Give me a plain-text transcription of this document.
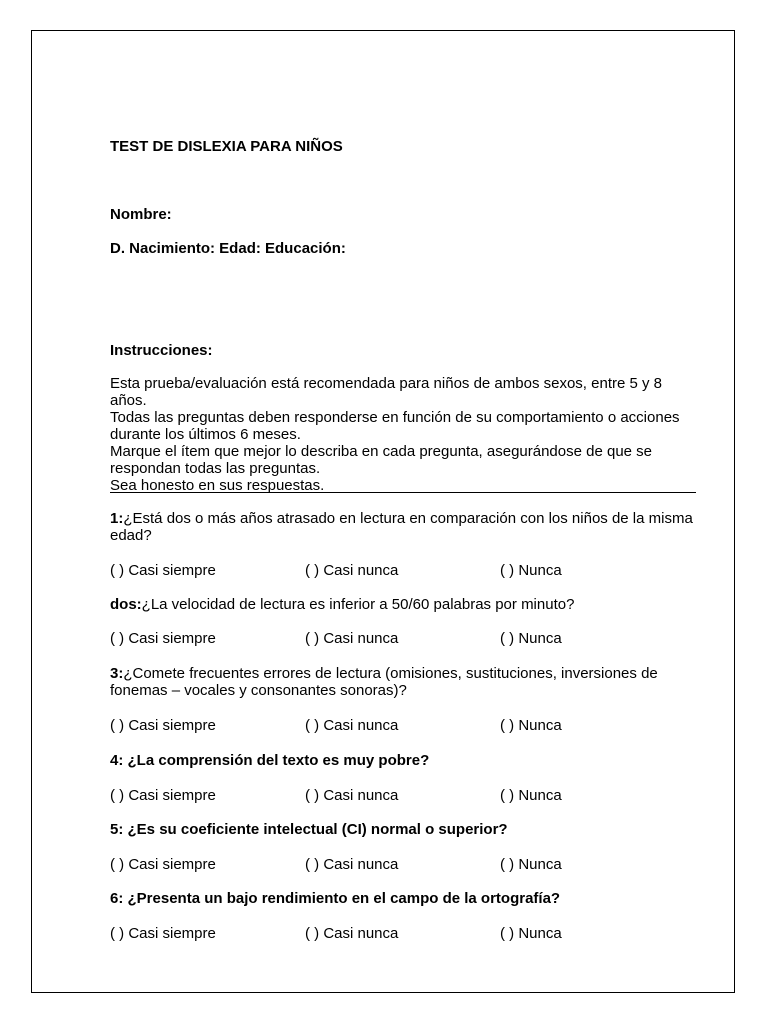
TEST DE DISLEXIA PARA NIÑOS
Nombre:
D. Nacimiento: Edad: Educación:
Instrucciones:

Esta prueba/evaluación está recomendada para niños de ambos sexos, entre 5 y 8 años.

Todas las preguntas deben responderse en función de su comportamiento o acciones durante los últimos 6 meses.

Marque el ítem que mejor lo describa en cada pregunta, asegurándose de que se respondan todas las preguntas.

Sea honesto en sus respuestas.

1:¿Está dos o más años atrasado en lectura en comparación con los niños de la misma edad?

( ) Casi siempre	( ) Casi nunca	( ) Nunca

dos:¿La velocidad de lectura es inferior a 50/60 palabras por minuto?

( ) Casi siempre	( ) Casi nunca	( ) Nunca

3:¿Comete frecuentes errores de lectura (omisiones, sustituciones, inversiones de fonemas – vocales y consonantes sonoras)?

( ) Casi siempre	( ) Casi nunca	( ) Nunca

4: ¿La comprensión del texto es muy pobre?

( ) Casi siempre	( ) Casi nunca	( ) Nunca

5: ¿Es su coeficiente intelectual (CI) normal o superior?

( ) Casi siempre	( ) Casi nunca	( ) Nunca

6: ¿Presenta un bajo rendimiento en el campo de la ortografía?

( ) Casi siempre	( ) Casi nunca	( ) Nunca
